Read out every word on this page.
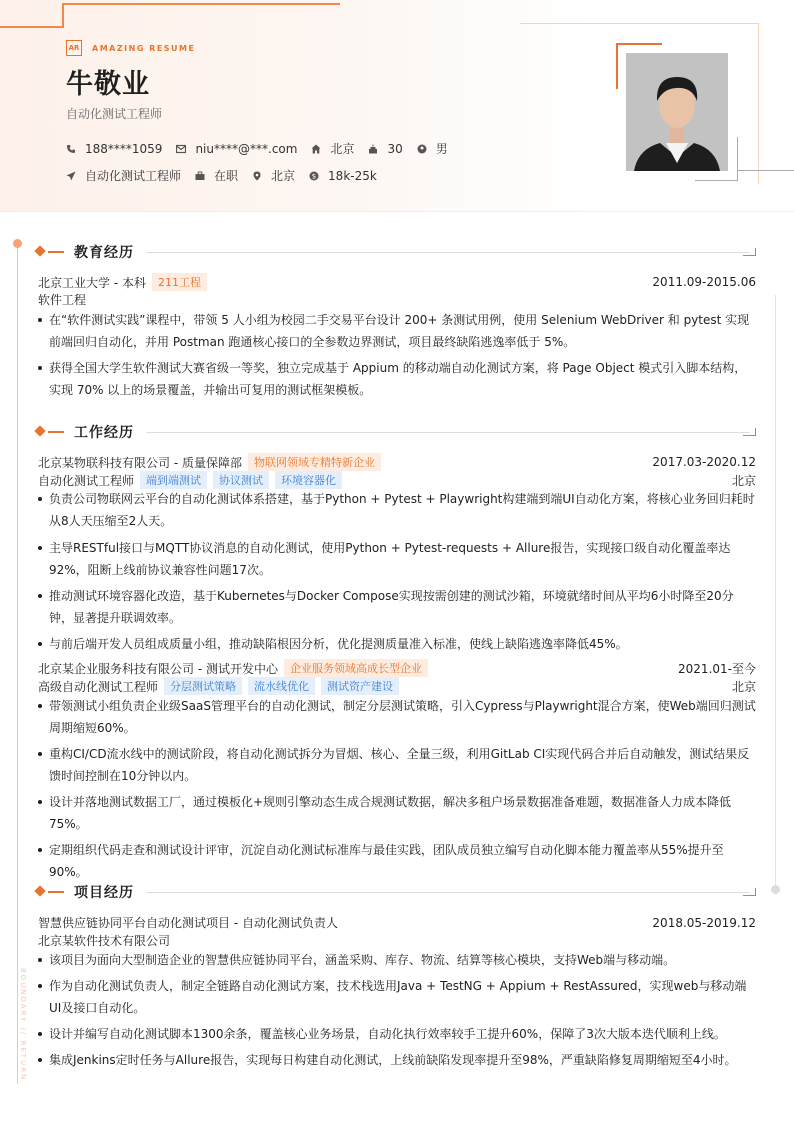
AR	AMAZING RESUME
牛敬业
自动化测试工程师
188****1059	niu****@***.com	北京	30	男
自动化测试工程师	在职	北京 $ 18k-25k
BOUNDARY // RETURN
教育经历
北京工业大学 - 本科	211工程	2011.09-2015.06
软件工程
在“软件测试实践”课程中，带领 5 人小组为校园二手交易平台设计 200+ 条测试用例，使用 Selenium WebDriver 和 pytest 实现前端回归自动化，并用 Postman 跑通核心接口的全参数边界测试，项目最终缺陷逃逸率低于 5%。
获得全国大学生软件测试大赛省级一等奖，独立完成基于 Appium 的移动端自动化测试方案，将 Page Object 模式引入脚本结构，实现 70% 以上的场景覆盖，并输出可复用的测试框架模板。
工作经历
北京某物联科技有限公司 - 质量保障部	物联网领域专精特新企业	2017.03-2020.12
自动化测试工程师	端到端测试	协议测试	环境容器化	北京
负责公司物联网云平台的自动化测试体系搭建，基于Python + Pytest + Playwright构建端到端UI自动化方案，将核心业务回归耗时从8人天压缩至2人天。
主导RESTful接口与MQTT协议消息的自动化测试，使用Python + Pytest-requests + Allure报告，实现接口级自动化覆盖率达92%，阻断上线前协议兼容性问题17次。
推动测试环境容器化改造，基于Kubernetes与Docker Compose实现按需创建的测试沙箱，环境就绪时间从平均6小时降至20分钟，显著提升联调效率。
与前后端开发人员组成质量小组，推动缺陷根因分析，优化提测质量准入标准，使线上缺陷逃逸率降低45%。
北京某企业服务科技有限公司 - 测试开发中心	企业服务领域高成长型企业	2021.01-至今
高级自动化测试工程师	分层测试策略	流水线优化	测试资产建设	北京
带领测试小组负责企业级SaaS管理平台的自动化测试，制定分层测试策略，引入Cypress与Playwright混合方案，使Web端回归测试周期缩短60%。
重构CI/CD流水线中的测试阶段，将自动化测试拆分为冒烟、核心、全量三级，利用GitLab CI实现代码合并后自动触发，测试结果反馈时间控制在10分钟以内。
设计并落地测试数据工厂，通过模板化+规则引擎动态生成合规测试数据，解决多租户场景数据准备难题，数据准备人力成本降低75%。
定期组织代码走查和测试设计评审，沉淀自动化测试标准库与最佳实践，团队成员独立编写自动化脚本能力覆盖率从55%提升至90%。
项目经历
智慧供应链协同平台自动化测试项目 - 自动化测试负责人	2018.05-2019.12
北京某软件技术有限公司
该项目为面向大型制造企业的智慧供应链协同平台，涵盖采购、库存、物流、结算等核心模块，支持Web端与移动端。
作为自动化测试负责人，制定全链路自动化测试方案，技术栈选用Java + TestNG + Appium + RestAssured，实现web与移动端UI及接口自动化。
设计并编写自动化测试脚本1300余条，覆盖核心业务场景，自动化执行效率较手工提升60%，保障了3次大版本迭代顺利上线。
集成Jenkins定时任务与Allure报告，实现每日构建自动化测试，上线前缺陷发现率提升至98%，严重缺陷修复周期缩短至4小时。
